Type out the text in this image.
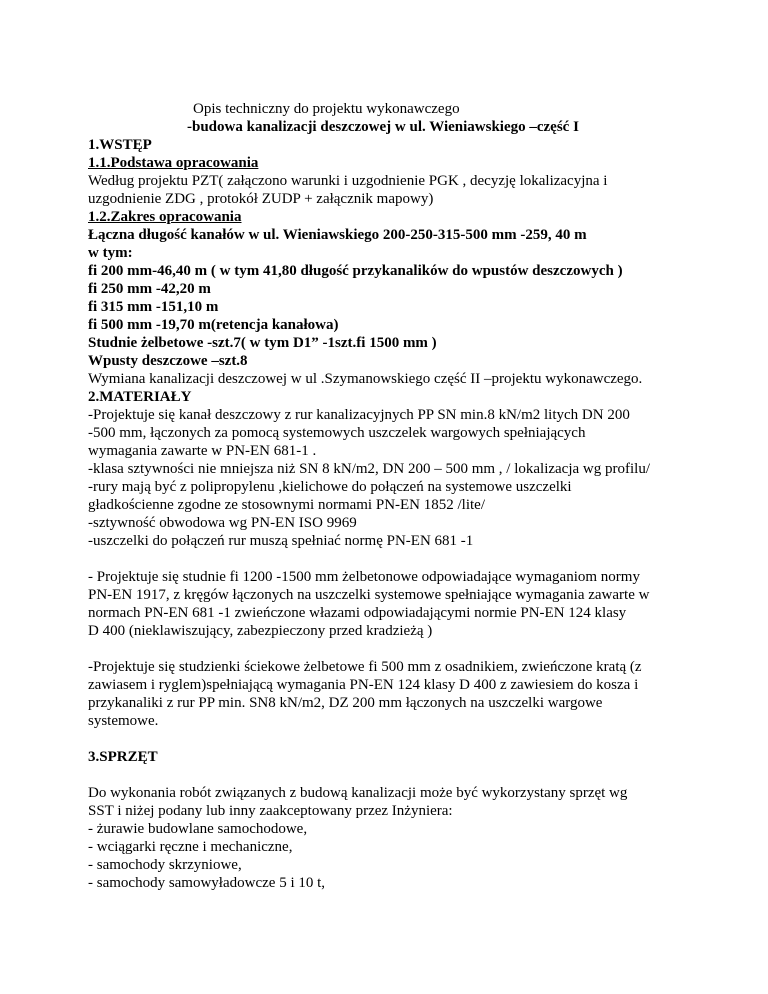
Opis techniczny do projektu wykonawczego

-budowa kanalizacji deszczowej w ul. Wieniawskiego –część I

1.WSTĘP

1.1.Podstawa opracowania

Według projektu PZT( załączono warunki i uzgodnienie PGK , decyzję lokalizacyjna i

uzgodnienie ZDG , protokół ZUDP + załącznik mapowy)

1.2.Zakres opracowania

Łączna długość kanałów w ul. Wieniawskiego 200-250-315-500 mm -259, 40 m

w tym:

fi 200 mm-46,40 m ( w tym 41,80 długość przykanalików do wpustów deszczowych )

fi 250 mm -42,20 m

fi 315 mm -151,10 m

fi 500 mm -19,70 m(retencja kanałowa)

Studnie żelbetowe -szt.7( w tym D1” -1szt.fi 1500 mm )

Wpusty deszczowe –szt.8

Wymiana kanalizacji deszczowej w ul .Szymanowskiego część II –projektu wykonawczego.

2.MATERIAŁY

-Projektuje się kanał deszczowy z rur kanalizacyjnych PP SN min.8 kN/m2 litych DN 200

-500 mm, łączonych za pomocą systemowych uszczelek wargowych spełniających

wymagania zawarte w PN-EN 681-1 .

-klasa sztywności nie mniejsza niż SN 8 kN/m2, DN 200 – 500 mm , / lokalizacja wg profilu/

-rury mają być z polipropylenu ,kielichowe do połączeń na systemowe uszczelki

gładkościenne zgodne ze stosownymi normami PN-EN 1852 /lite/

-sztywność obwodowa wg PN-EN ISO 9969

-uszczelki do połączeń rur muszą spełniać normę PN-EN 681 -1

- Projektuje się studnie fi 1200 -1500 mm żelbetonowe odpowiadające wymaganiom normy

PN-EN 1917, z kręgów łączonych na uszczelki systemowe spełniające wymagania zawarte w

normach PN-EN 681 -1 zwieńczone włazami odpowiadającymi normie PN-EN 124 klasy

D 400 (nieklawiszujący, zabezpieczony przed kradzieżą )

-Projektuje się studzienki ściekowe żelbetowe fi 500 mm z osadnikiem, zwieńczone kratą (z

zawiasem i ryglem)spełniającą wymagania PN-EN 124 klasy D 400 z zawiesiem do kosza i

przykanaliki z rur PP min. SN8 kN/m2, DZ 200 mm łączonych na uszczelki wargowe

systemowe.

3.SPRZĘT

Do wykonania robót związanych z budową kanalizacji może być wykorzystany sprzęt wg

SST i niżej podany lub inny zaakceptowany przez Inżyniera:

- żurawie budowlane samochodowe,

- wciągarki ręczne i mechaniczne,

- samochody skrzyniowe,

- samochody samowyładowcze 5 i 10 t,
